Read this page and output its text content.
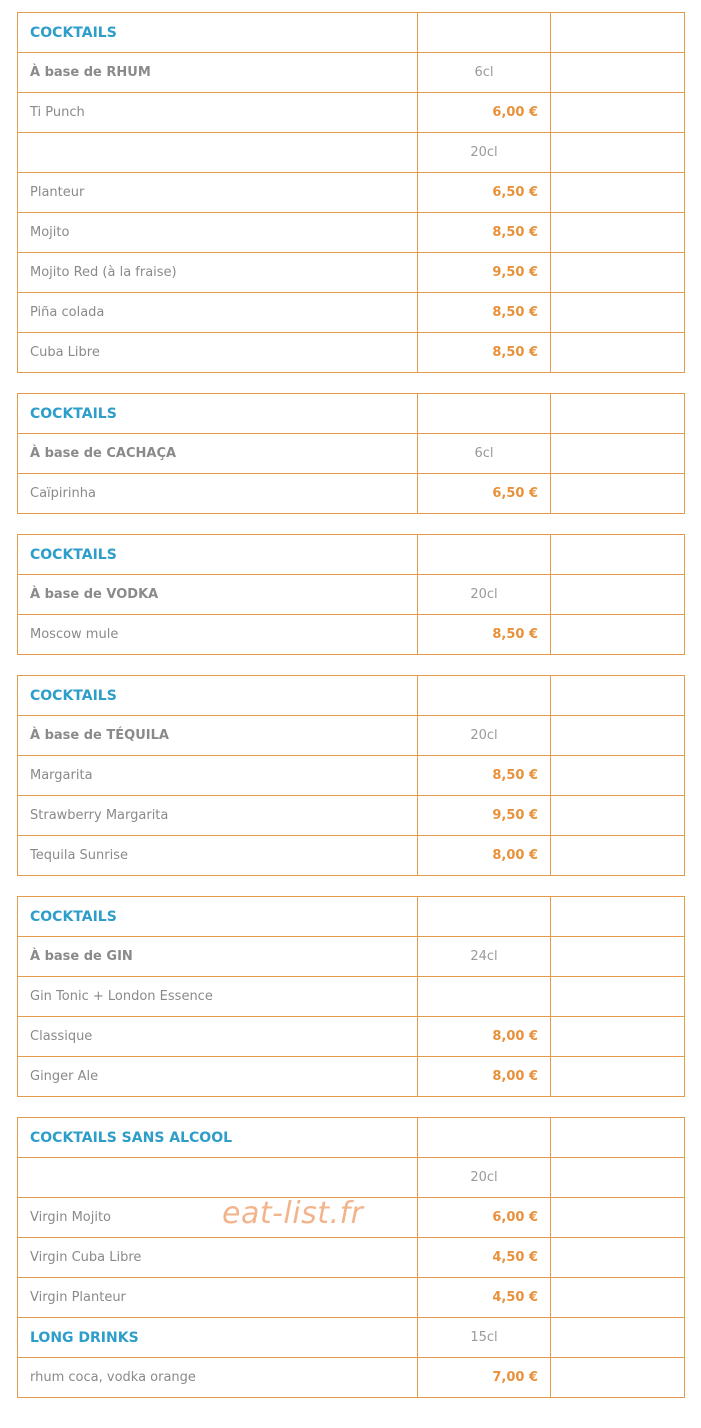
COCKTAILS		
À base de RHUM	6cl	
Ti Punch	6,00 €	
	20cl	
Planteur	6,50 €	
Mojito	8,50 €	
Mojito Red (à la fraise)	9,50 €	
Piña colada	8,50 €	
Cuba Libre	8,50 €	
COCKTAILS		
À base de CACHAÇA	6cl	
Caïpirinha	6,50 €	
COCKTAILS		
À base de VODKA	20cl	
Moscow mule	8,50 €	
COCKTAILS		
À base de TÉQUILA	20cl	
Margarita	8,50 €	
Strawberry Margarita	9,50 €	
Tequila Sunrise	8,00 €	
COCKTAILS		
À base de GIN	24cl	
Gin Tonic + London Essence		
Classique	8,00 €	
Ginger Ale	8,00 €	
COCKTAILS SANS ALCOOL		
	20cl	
Virgin Mojito	6,00 €	
Virgin Cuba Libre	4,50 €	
Virgin Planteur	4,50 €	
LONG DRINKS	15cl	
rhum coca, vodka orange	7,00 €	
eat-list.fr
